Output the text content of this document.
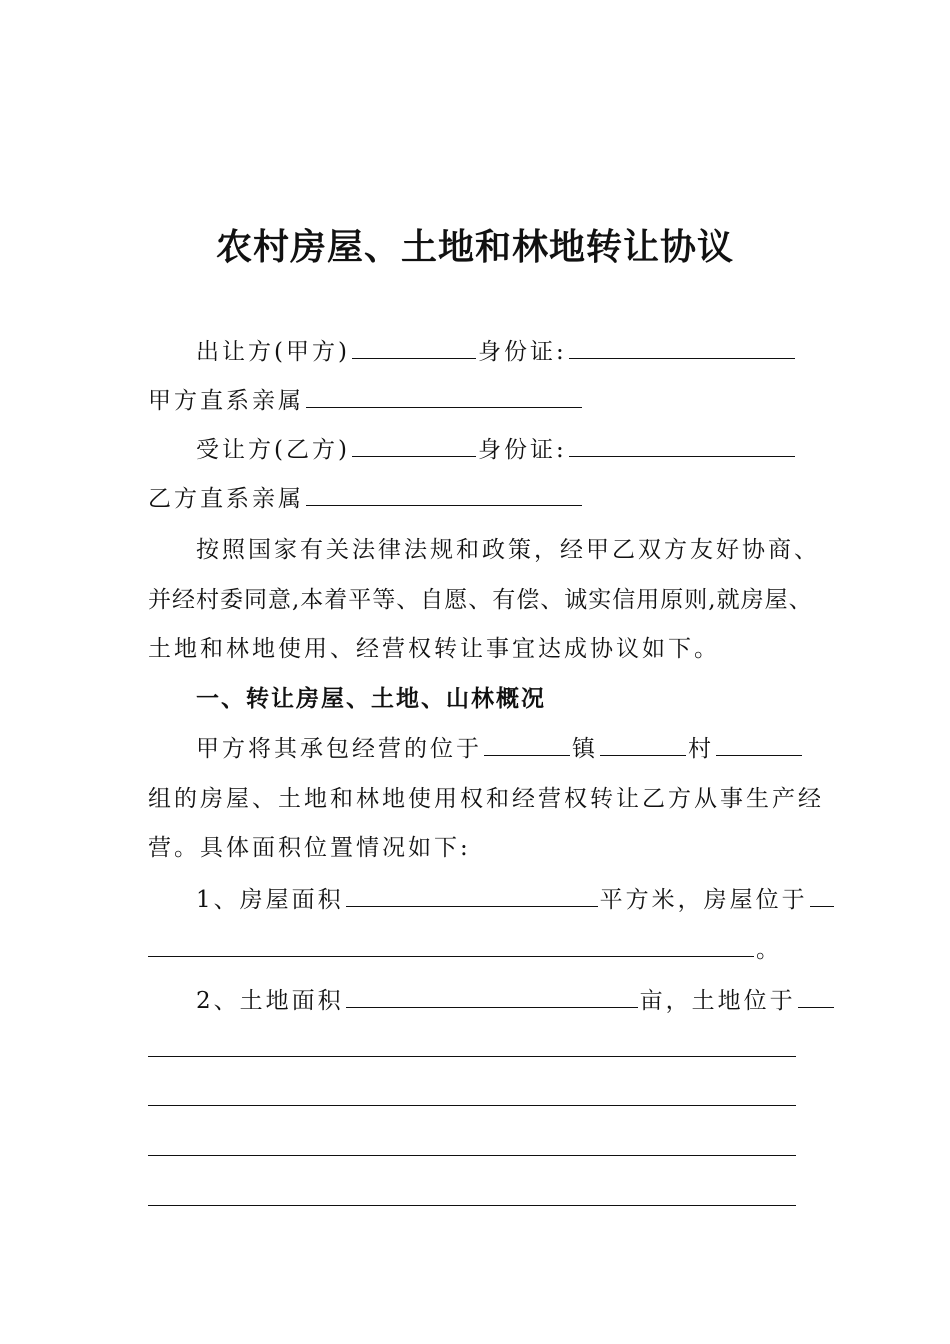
农村房屋、土地和林地转让协议
出让方(甲方)	身份证:
甲方直系亲属
受让方(乙方)	身份证:
乙方直系亲属
按照国家有关法律法规和政策，经甲乙双方友好协商、
并经村委同意,本着平等、自愿、有偿、诚实信用原则,就房屋、
土地和林地使用、经营权转让事宜达成协议如下。
一、转让房屋、土地、山林概况
甲方将其承包经营的位于	镇	村
组的房屋、土地和林地使用权和经营权转让乙方从事生产经
营。具体面积位置情况如下:
1、房屋面积	平方米，房屋位于
。
2、土地面积	亩，土地位于
